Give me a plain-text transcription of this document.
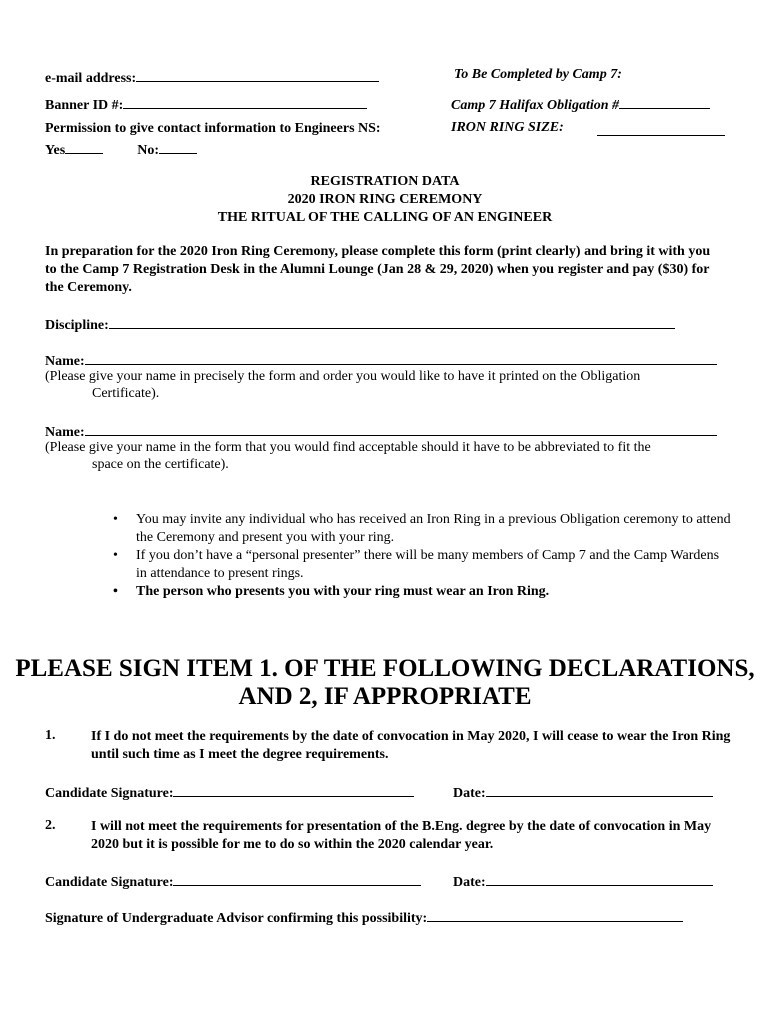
e-mail address:
Banner ID #:
Permission to give contact information to Engineers NS:
Yes	No:
To Be Completed by Camp 7:
Camp 7 Halifax Obligation #
IRON RING SIZE:
REGISTRATION DATA
2020 IRON RING CEREMONY
THE RITUAL OF THE CALLING OF AN ENGINEER
In preparation for the 2020 Iron Ring Ceremony, please complete this form (print clearly) and bring it with you to the Camp 7 Registration Desk in the Alumni Lounge (Jan 28 & 29, 2020) when you register and pay ($30) for the Ceremony.
Discipline:
Name:
(Please give your name in precisely the form and order you would like to have it printed on the Obligation
Certificate).
Name:
(Please give your name in the form that you would find acceptable should it have to be abbreviated to fit the
space on the certificate).
• You may invite any individual who has received an Iron Ring in a previous Obligation ceremony to attend the Ceremony and present you with your ring.
• If you don’t have a “personal presenter” there will be many members of Camp 7 and the Camp Wardens in attendance to present rings.
• The person who presents you with your ring must wear an Iron Ring.
PLEASE SIGN ITEM 1. OF THE FOLLOWING DECLARATIONS,
AND 2, IF APPROPRIATE
1.	If I do not meet the requirements by the date of convocation in May 2020, I will cease to wear the Iron Ring until such time as I meet the degree requirements.
Candidate Signature:	Date:
2.	I will not meet the requirements for presentation of the B.Eng. degree by the date of convocation in May 2020 but it is possible for me to do so within the 2020 calendar year.
Candidate Signature:	Date:
Signature of Undergraduate Advisor confirming this possibility:
